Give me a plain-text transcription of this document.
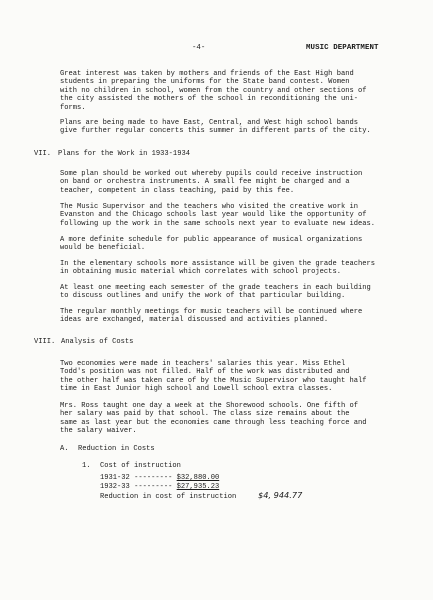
-4-	MUSIC DEPARTMENT
Great interest was taken by mothers and friends of the East High band
students in preparing the uniforms for the State band contest. Women
with no children in school, women from the country and other sections of
the city assisted the mothers of the school in reconditioning the uni-
forms.
Plans are being made to have East, Central, and West high school bands
give further regular concerts this summer in different parts of the city.
VII. Plans for the Work in 1933-1934
Some plan should be worked out whereby pupils could receive instruction
on band or orchestra instruments. A small fee might be charged and a
teacher, competent in class teaching, paid by this fee.
The Music Supervisor and the teachers who visited the creative work in
Evanston and the Chicago schools last year would like the opportunity of
following up the work in the same schools next year to evaluate new ideas.
A more definite schedule for public appearance of musical organizations
would be beneficial.
In the elementary schools more assistance will be given the grade teachers
in obtaining music material which correlates with school projects.
At least one meeting each semester of the grade teachers in each building
to discuss outlines and unify the work of that particular building.
The regular monthly meetings for music teachers will be continued where
ideas are exchanged, material discussed and activities planned.
VIII. Analysis of Costs
Two economies were made in teachers' salaries this year. Miss Ethel
Todd's position was not filled. Half of the work was distributed and
the other half was taken care of by the Music Supervisor who taught half
time in East Junior high school and Lowell school extra classes.
Mrs. Ross taught one day a week at the Shorewood schools. One fifth of
her salary was paid by that school. The class size remains about the
same as last year but the economies came through less teaching force and
the salary waiver.
A. Reduction in Costs
1. Cost of instruction
1931-32 --------- $32,880.00
1932-33 --------- $27,935.23
Reduction in cost of instruction	$4, 944.77
